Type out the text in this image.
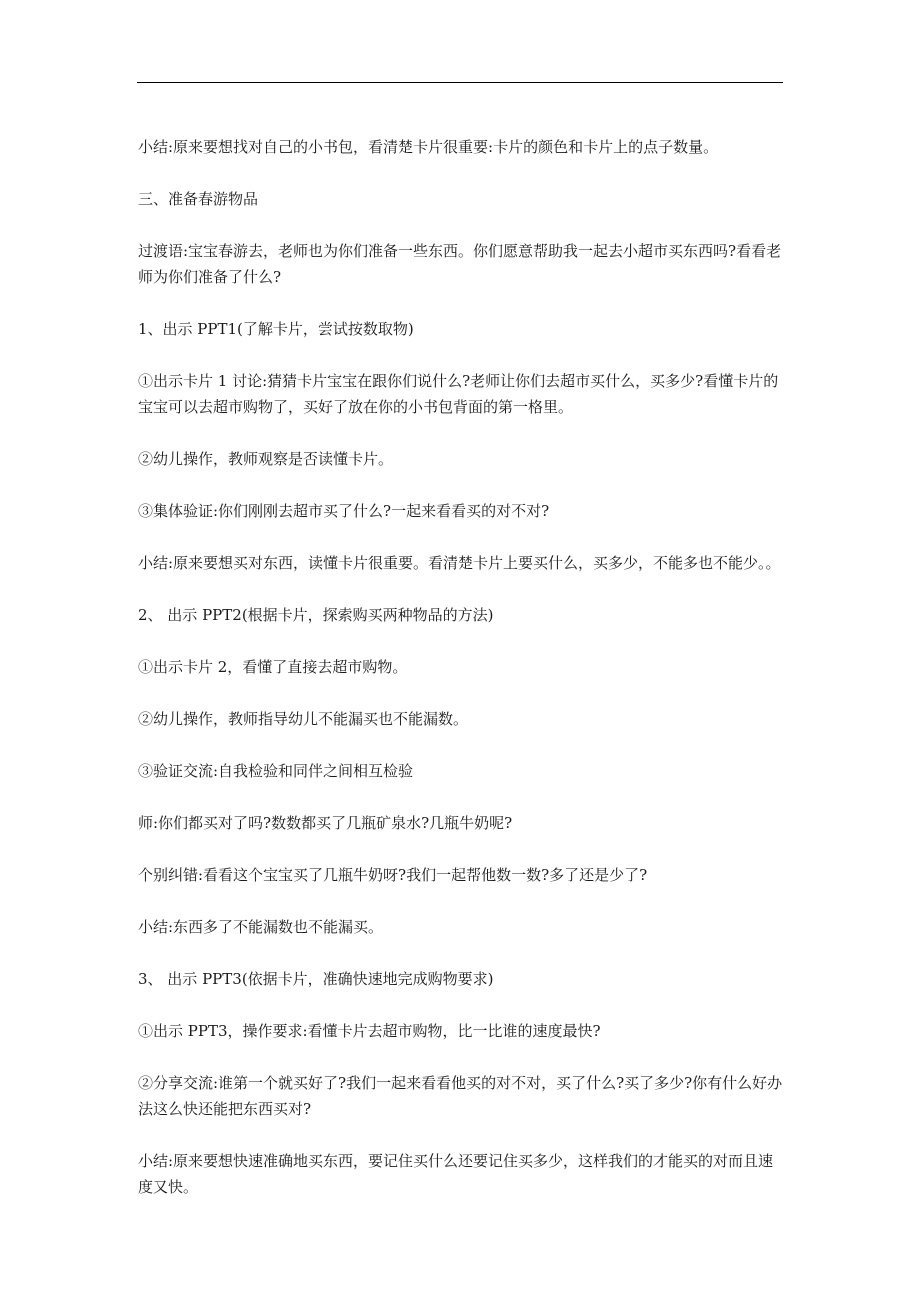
小结:原来要想找对自己的小书包，看清楚卡片很重要:卡片的颜色和卡片上的点子数量。

三、准备春游物品

过渡语:宝宝春游去，老师也为你们准备一些东西。你们愿意帮助我一起去小超市买东西吗?看看老师为你们准备了什么?

1、出示 PPT1(了解卡片，尝试按数取物)

①出示卡片 1 讨论:猜猜卡片宝宝在跟你们说什么?老师让你们去超市买什么，买多少?看懂卡片的宝宝可以去超市购物了，买好了放在你的小书包背面的第一格里。

②幼儿操作，教师观察是否读懂卡片。

③集体验证:你们刚刚去超市买了什么?一起来看看买的对不对?

小结:原来要想买对东西，读懂卡片很重要。看清楚卡片上要买什么，买多少，不能多也不能少。。

2、 出示 PPT2(根据卡片，探索购买两种物品的方法)

①出示卡片 2，看懂了直接去超市购物。

②幼儿操作，教师指导幼儿不能漏买也不能漏数。

③验证交流:自我检验和同伴之间相互检验

师:你们都买对了吗?数数都买了几瓶矿泉水?几瓶牛奶呢?

个别纠错:看看这个宝宝买了几瓶牛奶呀?我们一起帮他数一数?多了还是少了?

小结:东西多了不能漏数也不能漏买。

3、 出示 PPT3(依据卡片，准确快速地完成购物要求)

①出示 PPT3，操作要求:看懂卡片去超市购物，比一比谁的速度最快?

②分享交流:谁第一个就买好了?我们一起来看看他买的对不对，买了什么?买了多少?你有什么好办法这么快还能把东西买对?

小结:原来要想快速准确地买东西，要记住买什么还要记住买多少，这样我们的才能买的对而且速度又快。
